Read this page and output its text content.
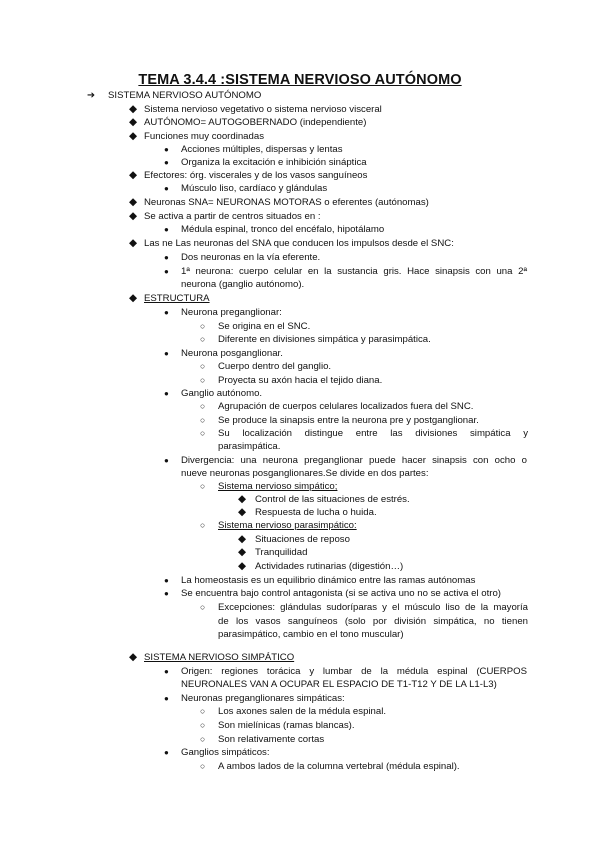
TEMA 3.4.4 :SISTEMA NERVIOSO AUTÓNOMO
➔ SISTEMA NERVIOSO AUTÓNOMO
◆ Sistema nervioso vegetativo o sistema nervioso visceral
◆ AUTÓNOMO= AUTOGOBERNADO (independiente)
◆ Funciones muy coordinadas
● Acciones múltiples, dispersas y lentas
● Organiza la excitación e inhibición sináptica
◆ Efectores: órg. viscerales y de los vasos sanguíneos
● Músculo liso, cardíaco y glándulas
◆ Neuronas SNA= NEURONAS MOTORAS o eferentes (autónomas)
◆ Se activa a partir de centros situados en :
● Médula espinal, tronco del encéfalo, hipotálamo
◆ Las ne Las neuronas del SNA que conducen los impulsos desde el SNC:
● Dos neuronas en la vía eferente.
● 1ª neurona: cuerpo celular en la sustancia gris. Hace sinapsis con una 2ª
neurona (ganglio autónomo).
◆ ESTRUCTURA
● Neurona preganglionar:
○ Se origina en el SNC.
○ Diferente en divisiones simpática y parasimpática.
● Neurona posganglionar.
○ Cuerpo dentro del ganglio.
○ Proyecta su axón hacia el tejido diana.
● Ganglio autónomo.
○ Agrupación de cuerpos celulares localizados fuera del SNC.
○ Se produce la sinapsis entre la neurona pre y postganglionar.
○ Su localización distingue entre las divisiones simpática y
parasimpática.
● Divergencia: una neurona preganglionar puede hacer sinapsis con ocho o
nueve neuronas posganglionares.Se divide en dos partes:
○ Sistema nervioso simpático;
◆ Control de las situaciones de estrés.
◆ Respuesta de lucha o huida.
○ Sistema nervioso parasimpático:
◆ Situaciones de reposo
◆ Tranquilidad
◆ Actividades rutinarias (digestión…)
● La homeostasis es un equilibrio dinámico entre las ramas autónomas
● Se encuentra bajo control antagonista (si se activa uno no se activa el otro)
○ Excepciones: glándulas sudoríparas y el músculo liso de la mayoría
de los vasos sanguíneos (solo por división simpática, no tienen
parasimpático, cambio en el tono muscular)
◆ SISTEMA NERVIOSO SIMPÁTICO
● Origen: regiones torácica y lumbar de la médula espinal (CUERPOS
NEURONALES VAN A OCUPAR EL ESPACIO DE T1-T12 Y DE LA L1-L3)
● Neuronas preganglionares simpáticas:
○ Los axones salen de la médula espinal.
○ Son mielínicas (ramas blancas).
○ Son relativamente cortas
● Ganglios simpáticos:
○ A ambos lados de la columna vertebral (médula espinal).
